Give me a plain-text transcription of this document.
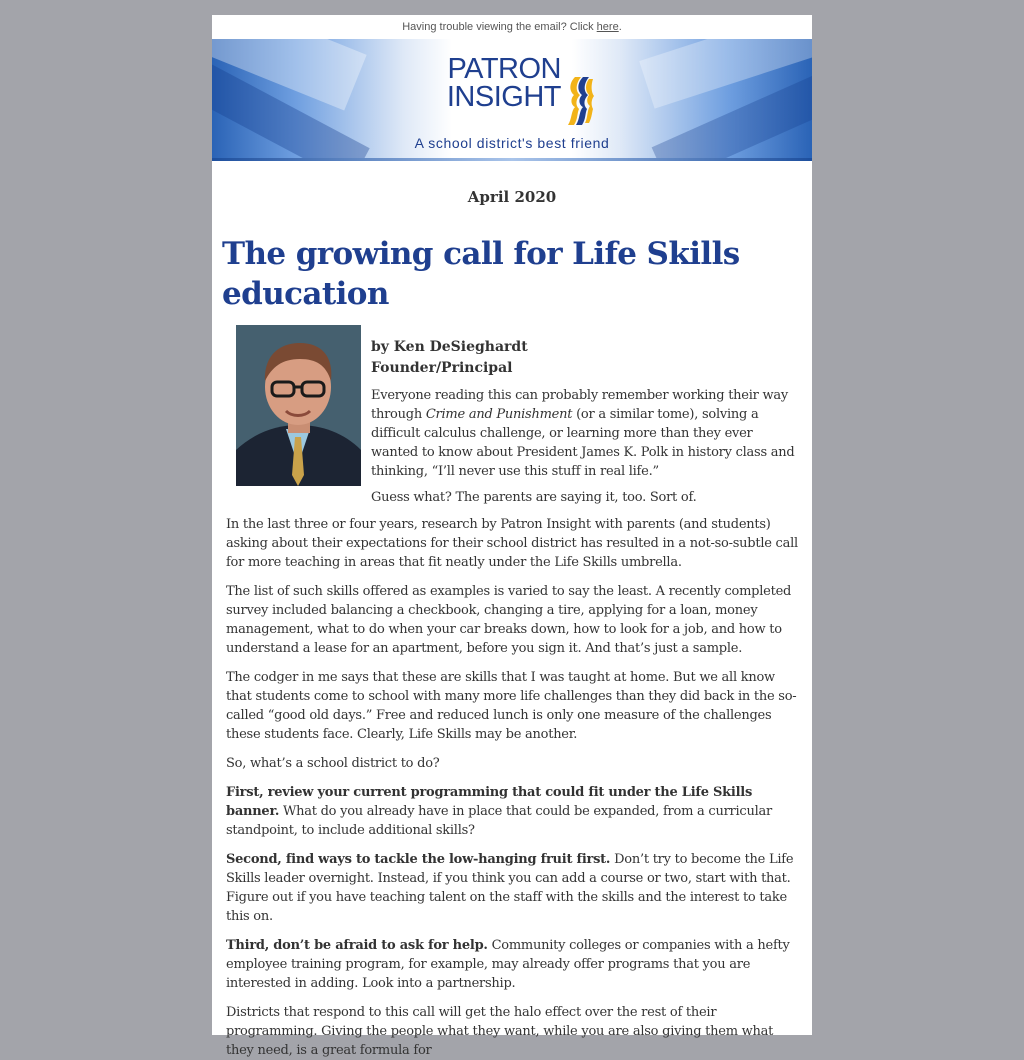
Having trouble viewing the email? Click here.
PATRON
INSIGHT
A school district's best friend
April 2020
The growing call for Life Skills education
by Ken DeSieghardt
Founder/Principal

Everyone reading this can probably remember working their way through Crime and Punishment (or a similar tome), solving a difficult calculus challenge, or learning more than they ever wanted to know about President James K. Polk in history class and thinking, “I’ll never use this stuff in real life.”

Guess what? The parents are saying it, too. Sort of.

In the last three or four years, research by Patron Insight with parents (and students) asking about their expectations for their school district has resulted in a not-so-subtle call for more teaching in areas that fit neatly under the Life Skills umbrella.

The list of such skills offered as examples is varied to say the least. A recently completed survey included balancing a checkbook, changing a tire, applying for a loan, money management, what to do when your car breaks down, how to look for a job, and how to understand a lease for an apartment, before you sign it. And that’s just a sample.

The codger in me says that these are skills that I was taught at home. But we all know that students come to school with many more life challenges than they did back in the so-called “good old days.” Free and reduced lunch is only one measure of the challenges these students face. Clearly, Life Skills may be another.

So, what’s a school district to do?

First, review your current programming that could fit under the Life Skills banner. What do you already have in place that could be expanded, from a curricular standpoint, to include additional skills?

Second, find ways to tackle the low-hanging fruit first. Don’t try to become the Life Skills leader overnight. Instead, if you think you can add a course or two, start with that. Figure out if you have teaching talent on the staff with the skills and the interest to take this on.

Third, don’t be afraid to ask for help. Community colleges or companies with a hefty employee training program, for example, may already offer programs that you are interested in adding. Look into a partnership.

Districts that respond to this call will get the halo effect over the rest of their programming. Giving the people what they want, while you are also giving them what they need, is a great formula for
